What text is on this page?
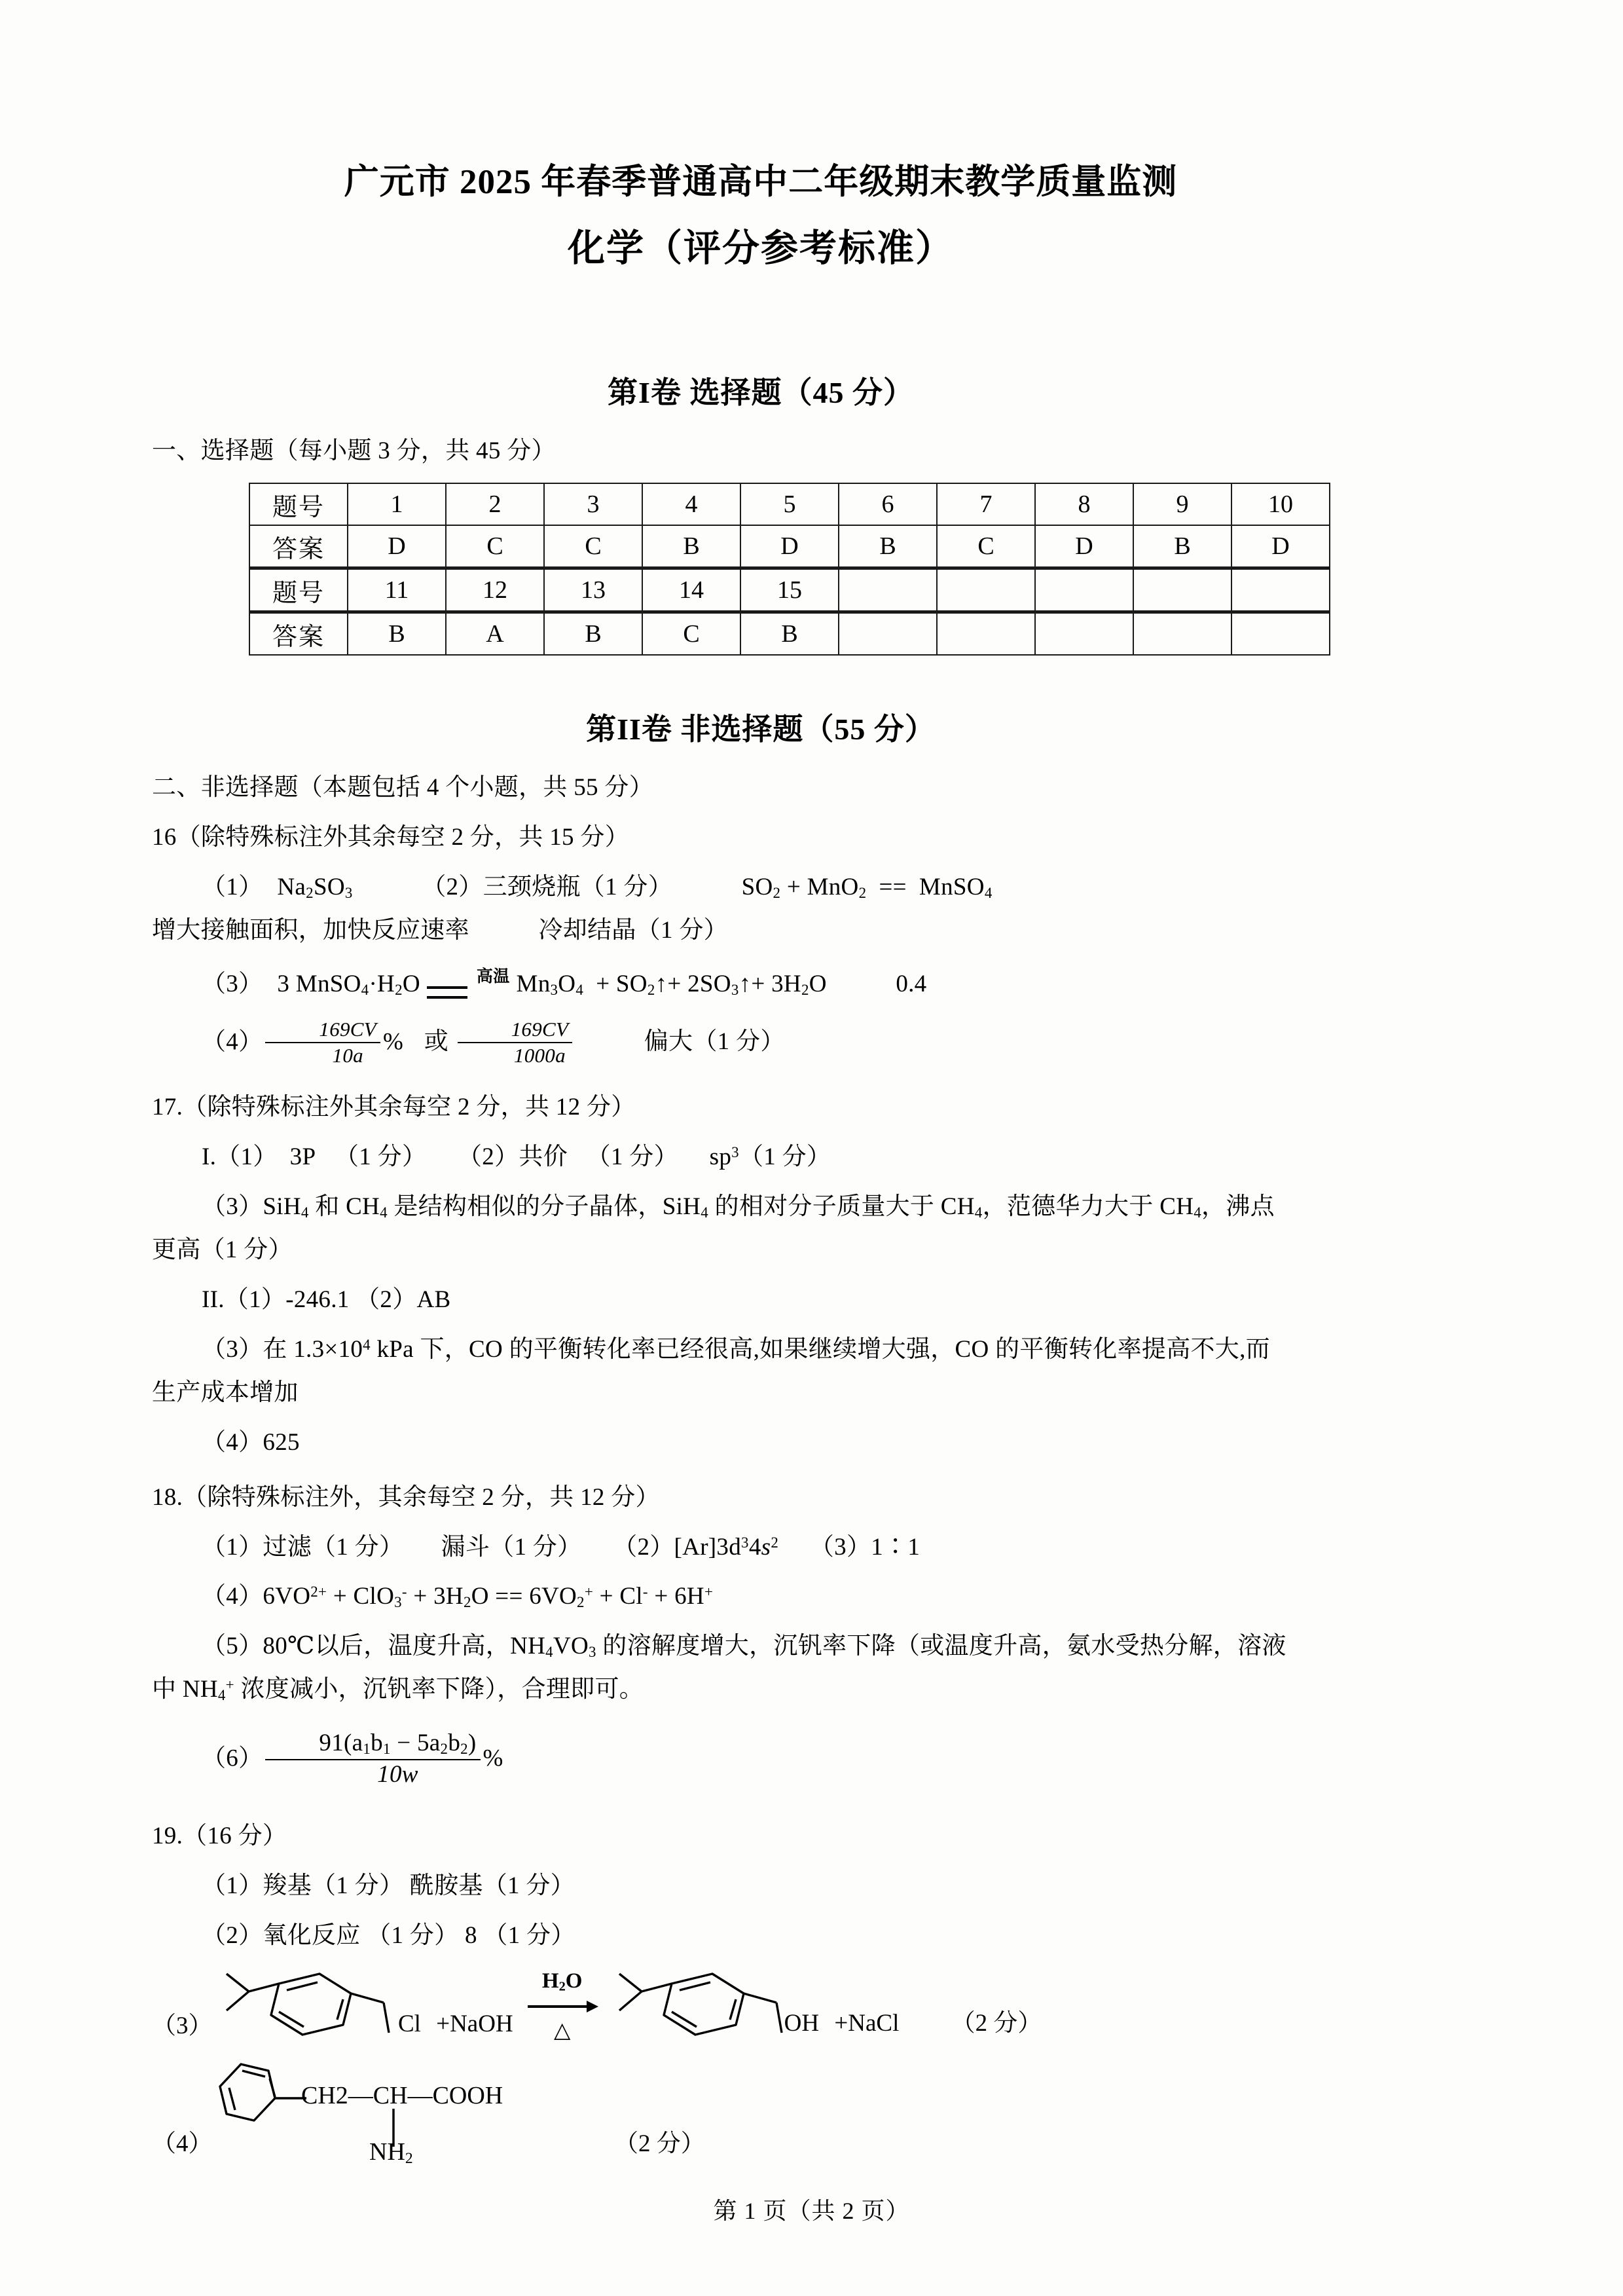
广元市 2025 年春季普通高中二年级期末教学质量监测
化学（评分参考标准）
第I卷 选择题（45 分）
一、选择题（每小题 3 分，共 45 分）
题号	1	2	3	4	5	6	7	8	9	10
答案	D	C	C	B	D	B	C	D	B	D
题号	11	12	13	14	15					
答案	B	A	B	C	B					
第II卷 非选择题（55 分）
二、非选择题（本题包括 4 个小题，共 55 分）
16（除特殊标注外其余每空 2 分，共 15 分）
（1） $Na_2SO_3$	（2）三颈烧瓶（1 分）	$SO_2 + MnO_2$  ==  MnSO$_4$
增大接触面积，加快反应速率	冷却结晶（1 分）
（3） 3 $MnSO_4\cdot H_2O$	高温 $Mn_3O_4$  + $SO_2↑+$ $2SO_3↑+ 3H_2O$	0.4
$(4) \frac{169CV}{10a}$ % 或 $\frac{169CV}{1000a}$	偏大（1 分）
17.（除特殊标注外其余每空 2 分，共 12 分）
I.（1）  3P   （1 分）     （2）共价   （1 分）     $sp^3(1$ 分）
（3）SiH$_4$ 和 $CH_4$ 是结构相似的分子晶体，SiH$_4$ 的相对分子质量大于 $CH_4$，范德华力大于 $CH_4$，沸点
更高（1 分）
II.（1）-246.1 （2）AB
（3）在 $1.3\times 10^4$ kPa 下，CO 的平衡转化率已经很高,如果继续增大强，CO 的平衡转化率提高不大,而
生产成本增加
（4）625
18.（除特殊标注外，其余每空 2 分，共 12 分）
（1）过滤（1 分）      漏斗（1 分）     $(2)[Ar]3d^34s^2$     （3）1∶1
$(4)6VO^{2+} + ClO_3^- + 3H_2O == 6VO_2^+ + Cl^- + 6H^+$
（5）80℃以后，温度升高，$NH_4VO_3$ 的溶解度增大，沉钒率下降（或温度升高，氨水受热分解，溶液
中 $NH_4^+$ 浓度减小，沉钒率下降），合理即可。
$(6) \frac{91(a_1b_1 - 5a_2b_2)}{10w}$ %
19.（16 分）
（1）羧基（1 分） 酰胺基（1 分）
（2）氧化反应 （1 分） 8 （1 分）
（3）	Cl +NaOH
$H_2O$
△	OH +NaCl （2 分）
（4）
CH2—CH—COOH
$NH_2$
（2 分）
第 1 页（共 2 页）
